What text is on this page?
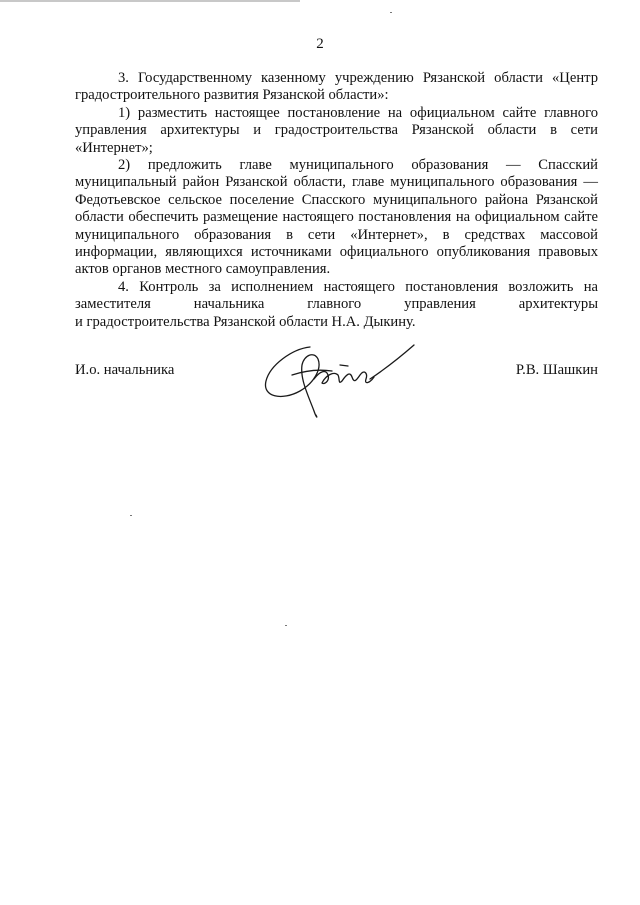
2

3. Государственному казенному учреждению Рязанской области «Центр градостроительного развития Рязанской области»:

1) разместить настоящее постановление на официальном сайте главного управления архитектуры и градостроительства Рязанской области в сети «Интернет»;

2) предложить главе муниципального образования — Спасский муниципальный район Рязанской области, главе муниципального образования — Федотьевское сельское поселение Спасского муниципального района Рязанской области обеспечить размещение настоящего постановления на официальном сайте муниципального образования в сети «Интернет», в средствах массовой информации, являющихся источниками официального опубликования правовых актов органов местного самоуправления.

4. Контроль за исполнением настоящего постановления возложить на заместителя начальника главного управления архитектуры

и градостроительства Рязанской области Н.А. Дыкину.

И.о. начальника	Р.В. Шашкин
